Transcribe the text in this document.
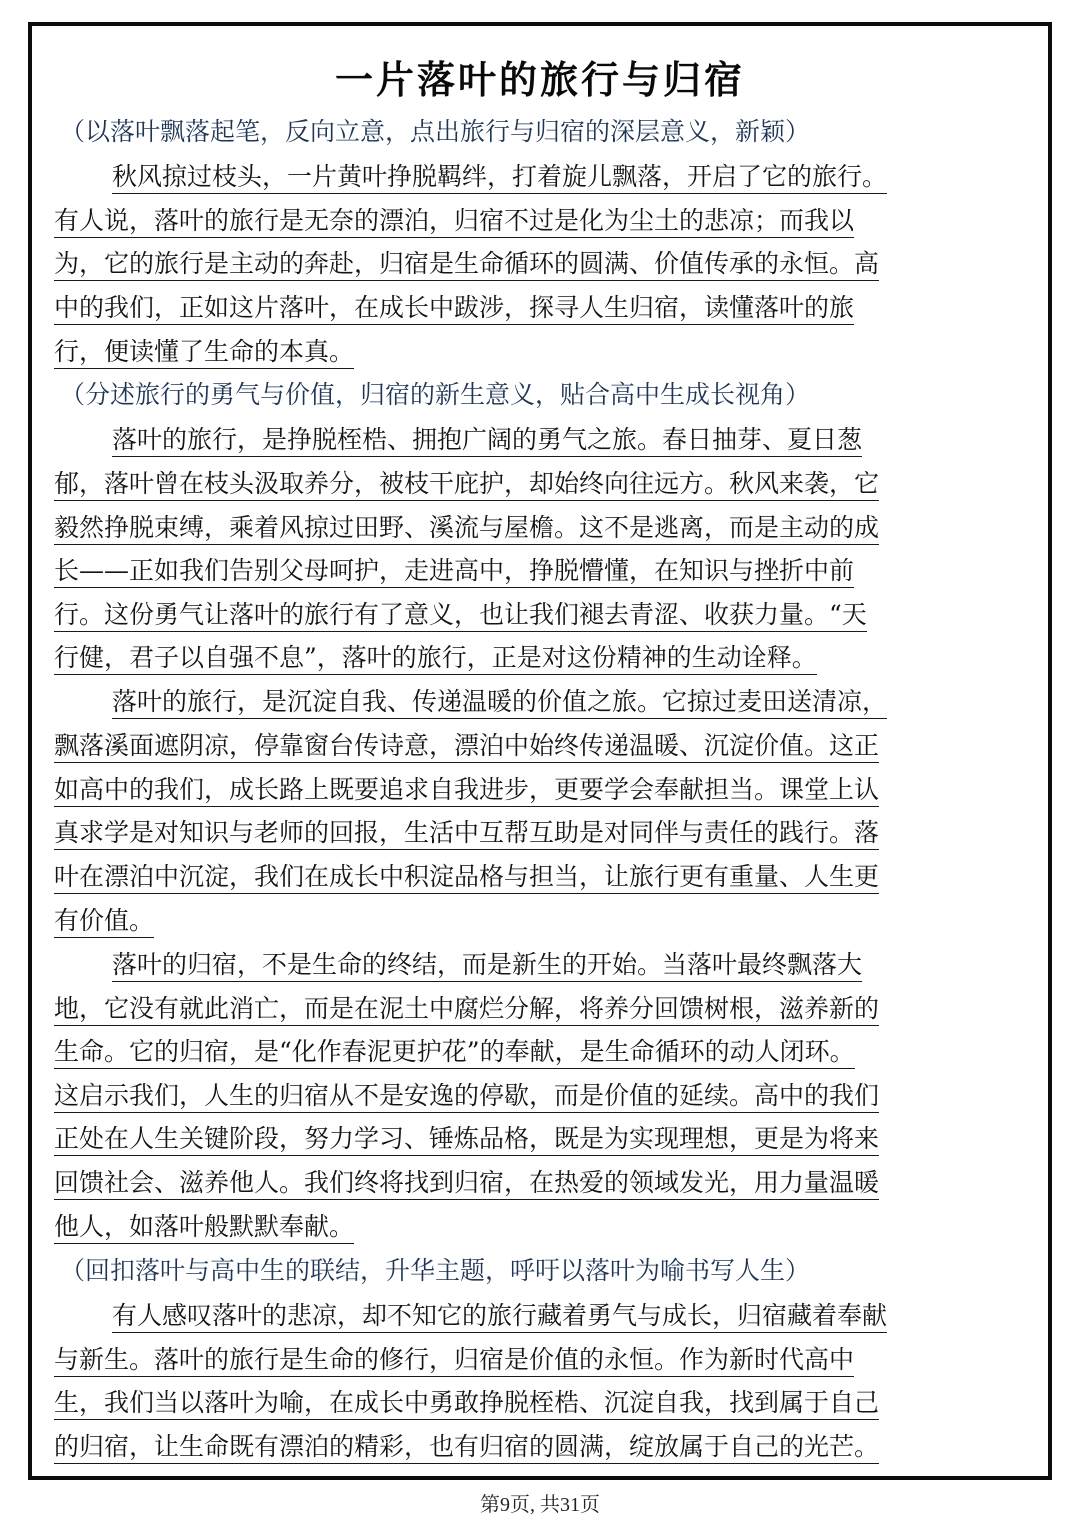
一片落叶的旅行与归宿
（以落叶飘落起笔，反向立意，点出旅行与归宿的深层意义，新颖）
秋风掠过枝头，一片黄叶挣脱羁绊，打着旋儿飘落，开启了它的旅行。
有人说，落叶的旅行是无奈的漂泊，归宿不过是化为尘土的悲凉；而我以
为，它的旅行是主动的奔赴，归宿是生命循环的圆满、价值传承的永恒。高
中的我们，正如这片落叶，在成长中跋涉，探寻人生归宿，读懂落叶的旅
行，便读懂了生命的本真。
（分述旅行的勇气与价值，归宿的新生意义，贴合高中生成长视角）
落叶的旅行，是挣脱桎梏、拥抱广阔的勇气之旅。春日抽芽、夏日葱
郁，落叶曾在枝头汲取养分，被枝干庇护，却始终向往远方。秋风来袭，它
毅然挣脱束缚，乘着风掠过田野、溪流与屋檐。这不是逃离，而是主动的成
长——正如我们告别父母呵护，走进高中，挣脱懵懂，在知识与挫折中前
行。这份勇气让落叶的旅行有了意义，也让我们褪去青涩、收获力量。“天
行健，君子以自强不息”，落叶的旅行，正是对这份精神的生动诠释。
落叶的旅行，是沉淀自我、传递温暖的价值之旅。它掠过麦田送清凉，
飘落溪面遮阴凉，停靠窗台传诗意，漂泊中始终传递温暖、沉淀价值。这正
如高中的我们，成长路上既要追求自我进步，更要学会奉献担当。课堂上认
真求学是对知识与老师的回报，生活中互帮互助是对同伴与责任的践行。落
叶在漂泊中沉淀，我们在成长中积淀品格与担当，让旅行更有重量、人生更
有价值。
落叶的归宿，不是生命的终结，而是新生的开始。当落叶最终飘落大
地，它没有就此消亡，而是在泥土中腐烂分解，将养分回馈树根，滋养新的
生命。它的归宿，是“化作春泥更护花”的奉献，是生命循环的动人闭环。
这启示我们，人生的归宿从不是安逸的停歇，而是价值的延续。高中的我们
正处在人生关键阶段，努力学习、锤炼品格，既是为实现理想，更是为将来
回馈社会、滋养他人。我们终将找到归宿，在热爱的领域发光，用力量温暖
他人，如落叶般默默奉献。
（回扣落叶与高中生的联结，升华主题，呼吁以落叶为喻书写人生）
有人感叹落叶的悲凉，却不知它的旅行藏着勇气与成长，归宿藏着奉献
与新生。落叶的旅行是生命的修行，归宿是价值的永恒。作为新时代高中
生，我们当以落叶为喻，在成长中勇敢挣脱桎梏、沉淀自我，找到属于自己
的归宿，让生命既有漂泊的精彩，也有归宿的圆满，绽放属于自己的光芒。
第9页, 共31页
